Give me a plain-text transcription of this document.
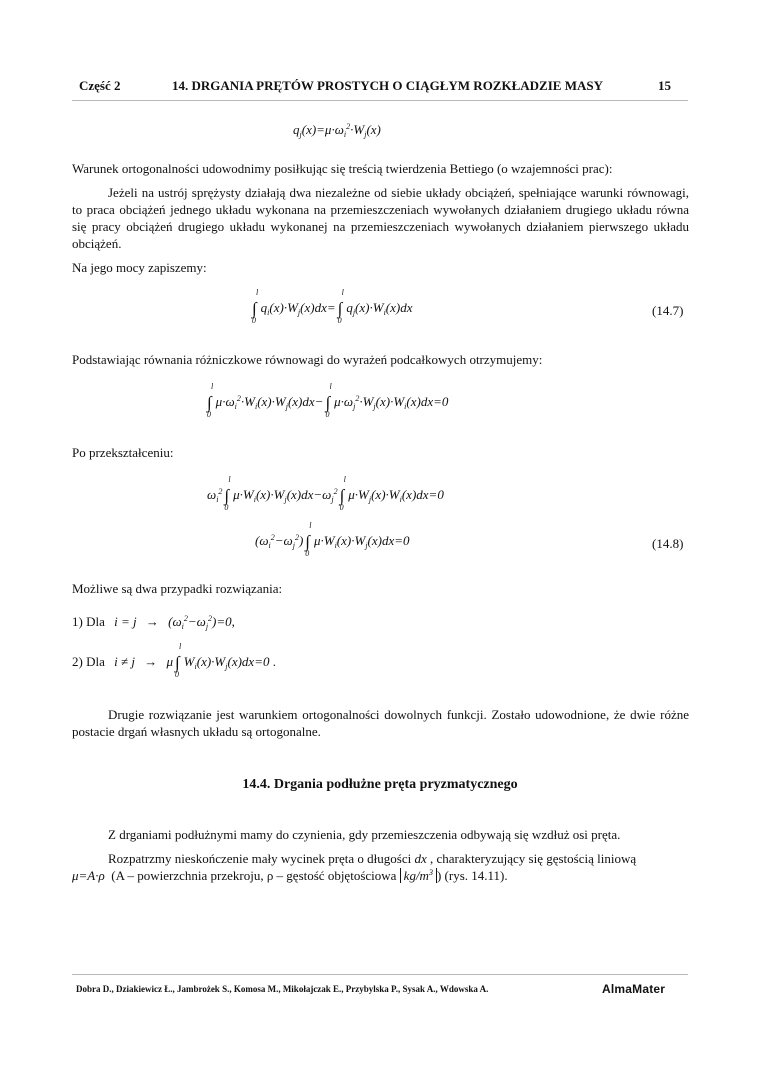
Część 2	14. DRGANIA PRĘTÓW PROSTYCH O CIĄGŁYM ROZKŁADZIE MASY	15
$q_j(x)=\mu\cdot\omega_i^2\cdot W_j(x)$
Warunek ortogonalności udowodnimy posiłkując się treścią twierdzenia Bettiego (o wzajemności prac):
Jeżeli na ustrój sprężysty działają dwa niezależne od siebie układy obciążeń, spełniające warunki równowagi, to praca obciążeń jednego układu wykonana na przemieszczeniach wywołanych działaniem drugiego układu równa się pracy obciążeń drugiego układu wykonanej na przemieszczeniach wywołanych działaniem pierwszego układu obciążeń.
Na jego mocy zapiszemy:
∫
l
0
$q_i(x)\cdot W_j(x)dx=$ ∫
l
0
$q_j(x)\cdot W_i(x)dx$	(14.7)
Podstawiając równania różniczkowe równowagi do wyrażeń podcałkowych otrzymujemy:
∫
l
0
$\mu\cdot\omega_i^2\cdot W_i(x)\cdot W_j(x)dx-$ ∫
l
0
$\mu\cdot\omega_j^2\cdot W_j(x)\cdot W_i(x)dx=0$
Po przekształceniu:
$\omega_i^2$ ∫
l
0
$\mu\cdot W_i(x)\cdot W_j(x)dx-\omega_j^2$ ∫
l
0
$\mu\cdot W_j(x)\cdot W_i(x)dx=0$
$(\omega_i^2-\omega_j^2)$ ∫
l
0
$\mu\cdot W_i(x)\cdot W_j(x)dx=0$	(14.8)
Możliwe są dwa przypadki rozwiązania:
1) Dla $i = j \to (\omega_i^2-\omega_j^2)=0$,
2) Dla i ≠ j → μ ∫
l
0
$W_i(x)\cdot W_j(x)dx=0$ .
Drugie rozwiązanie jest warunkiem ortogonalności dowolnych funkcji. Zostało udowodnione, że dwie różne postacie drgań własnych układu są ortogonalne.
14.4. Drgania podłużne pręta pryzmatycznego
Z drganiami podłużnymi mamy do czynienia, gdy przemieszczenia odbywają się wzdłuż osi pręta.
Rozpatrzmy nieskończenie mały wycinek pręta o długości dx , charakteryzujący się gęstością liniową
μ=A·ρ (A – powierzchnia przekroju, ρ – gęstość objętościowa $kg/m^3$ ) (rys. 14.11).
Dobra D., Dziakiewicz Ł., Jambrożek S., Komosa M., Mikołajczak E., Przybylska P., Sysak A., Wdowska A.	AlmaMater
